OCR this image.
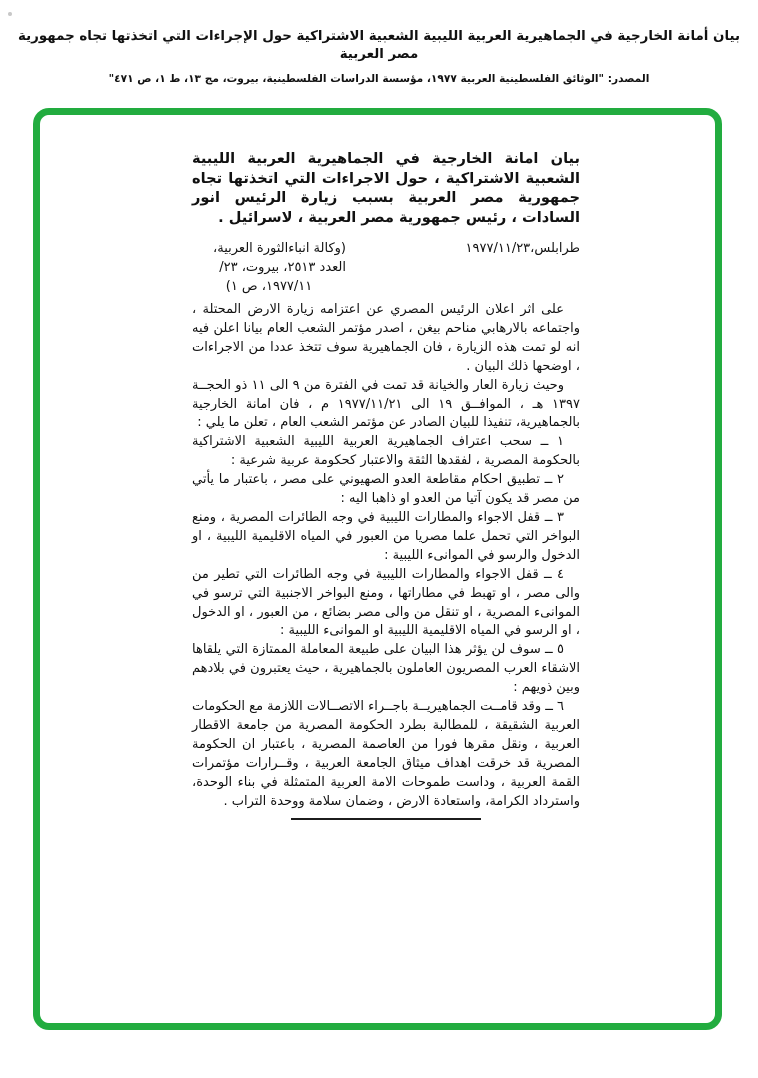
بيان أمانة الخارجية في الجماهيرية العربية الليبية الشعبية الاشتراكية حول الإجراءات التي اتخذتها تجاه جمهورية مصر العربية
المصدر: "الوثائق الفلسطينية العربية ١٩٧٧، مؤسسة الدراسات الفلسطينية، بيروت، مج ١٣، ط ١، ص ٤٧١"
بيان امانة الخارجية في الجماهيرية العربية الليبية الشعبية الاشتراكية ، حول الاجراءات التي اتخذتها تجاه جمهورية مصر العربية بسبب زيارة الرئيس انور السادات ، رئيس جمهورية مصر العربية ، لاسرائيل .
طرابلس،١٩٧٧/١١/٢٣
(وكالة انباءالثورة العربية،
العدد ٢٥١٣، بيروت، ٢٣/
١٩٧٧/١١، ص ١)

على اثر اعلان الرئيس المصري عن اعتزامه زيارة الارض المحتلة ، واجتماعه بالارهابي مناحم بيغن ، اصدر مؤتمر الشعب العام بيانا اعلن فيه انه لو تمت هذه الزيارة ، فان الجماهيرية سوف تتخذ عددا من الاجراءات ، اوضحها ذلك البيان .

وحيث زيارة العار والخيانة قد تمت في الفترة من ٩ الى ١١ ذو الحجــة ١٣٩٧ هـ ، الموافــق ١٩ الى ١٩٧٧/١١/٢١ م ، فان امانة الخارجية بالجماهيرية، تنفيذا للبيان الصادر عن مؤتمر الشعب العام ، تعلن ما يلي :

١ ــ سحب اعتراف الجماهيرية العربية الليبية الشعبية الاشتراكية بالحكومة المصرية ، لفقدها الثقة والاعتبار كحكومة عربية شرعية :

٢ ــ تطبيق احكام مقاطعة العدو الصهيوني على مصر ، باعتبار ما يأتي من مصر قد يكون آتيا من العدو او ذاهبا اليه :

٣ ــ قفل الاجواء والمطارات الليبية في وجه الطائرات المصرية ، ومنع البواخر التي تحمل علما مصريا من العبور في المياه الاقليمية الليبية ، او الدخول والرسو في الموانىء الليبية :

٤ ــ قفل الاجواء والمطارات الليبية في وجه الطائرات التي تطير من والى مصر ، او تهبط في مطاراتها ، ومنع البواخر الاجنبية التي ترسو في الموانىء المصرية ، او تنقل من والى مصر بضائع ، من العبور ، او الدخول ، او الرسو في المياه الاقليمية الليبية او الموانىء الليبية :

٥ ــ سوف لن يؤثر هذا البيان على طبيعة المعاملة الممتازة التي يلقاها الاشقاء العرب المصريون العاملون بالجماهيرية ، حيث يعتبرون في بلادهم وبين ذويهم :

٦ ــ وقد قامــت الجماهيريــة باجــراء الاتصــالات اللازمة مع الحكومات العربية الشقيقة ، للمطالبة بطرد الحكومة المصرية من جامعة الاقطار العربية ، ونقل مقرها فورا من العاصمة المصرية ، باعتبار ان الحكومة المصرية قد خرقت اهداف ميثاق الجامعة العربية ، وقــرارات مؤتمرات القمة العربية ، وداست طموحات الامة العربية المتمثلة في بناء الوحدة، واسترداد الكرامة، واستعادة الارض ، وضمان سلامة ووحدة التراب .
